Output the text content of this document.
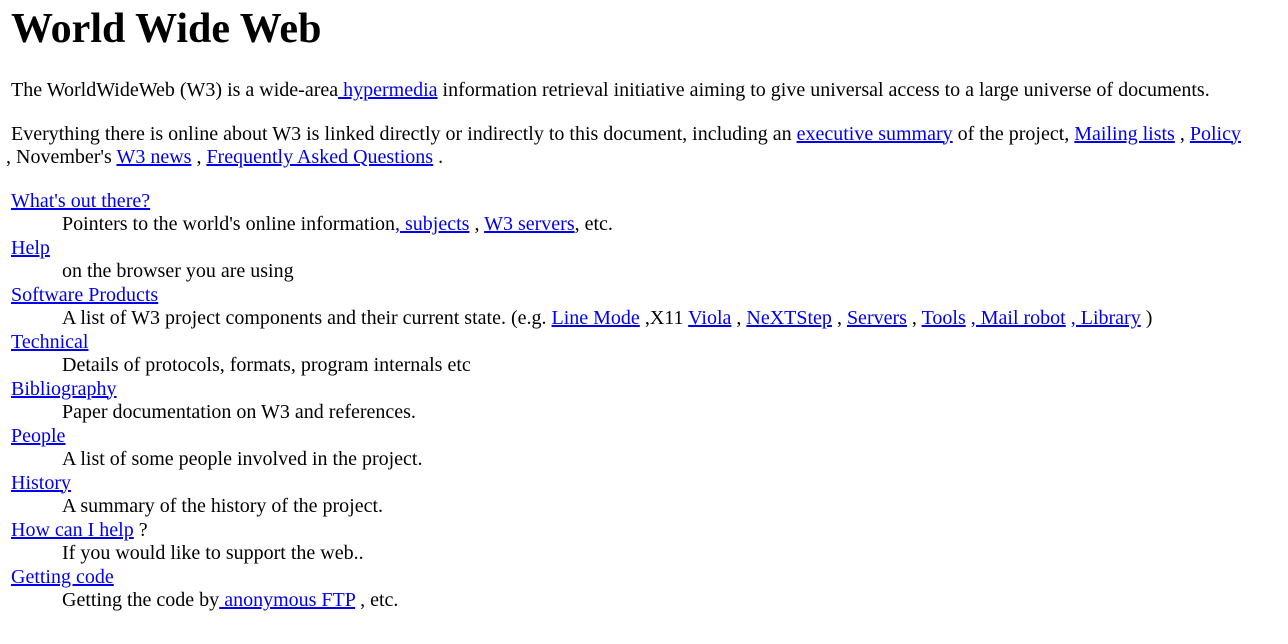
World Wide Web

The WorldWideWeb (W3) is a wide-area hypermedia information retrieval initiative aiming to give universal access to a large universe of documents.

Everything there is online about W3 is linked directly or indirectly to this document, including an executive summary of the project, Mailing lists , Policy
, November's W3 news , Frequently Asked Questions .

What's out there?
Pointers to the world's online information, subjects , W3 servers, etc.
Help
on the browser you are using
Software Products
A list of W3 project components and their current state. (e.g. Line Mode ,X11 Viola , NeXTStep , Servers , Tools , Mail robot , Library )
Technical
Details of protocols, formats, program internals etc
Bibliography
Paper documentation on W3 and references.
People
A list of some people involved in the project.
History
A summary of the history of the project.
How can I help ?
If you would like to support the web..
Getting code
Getting the code by anonymous FTP , etc.
